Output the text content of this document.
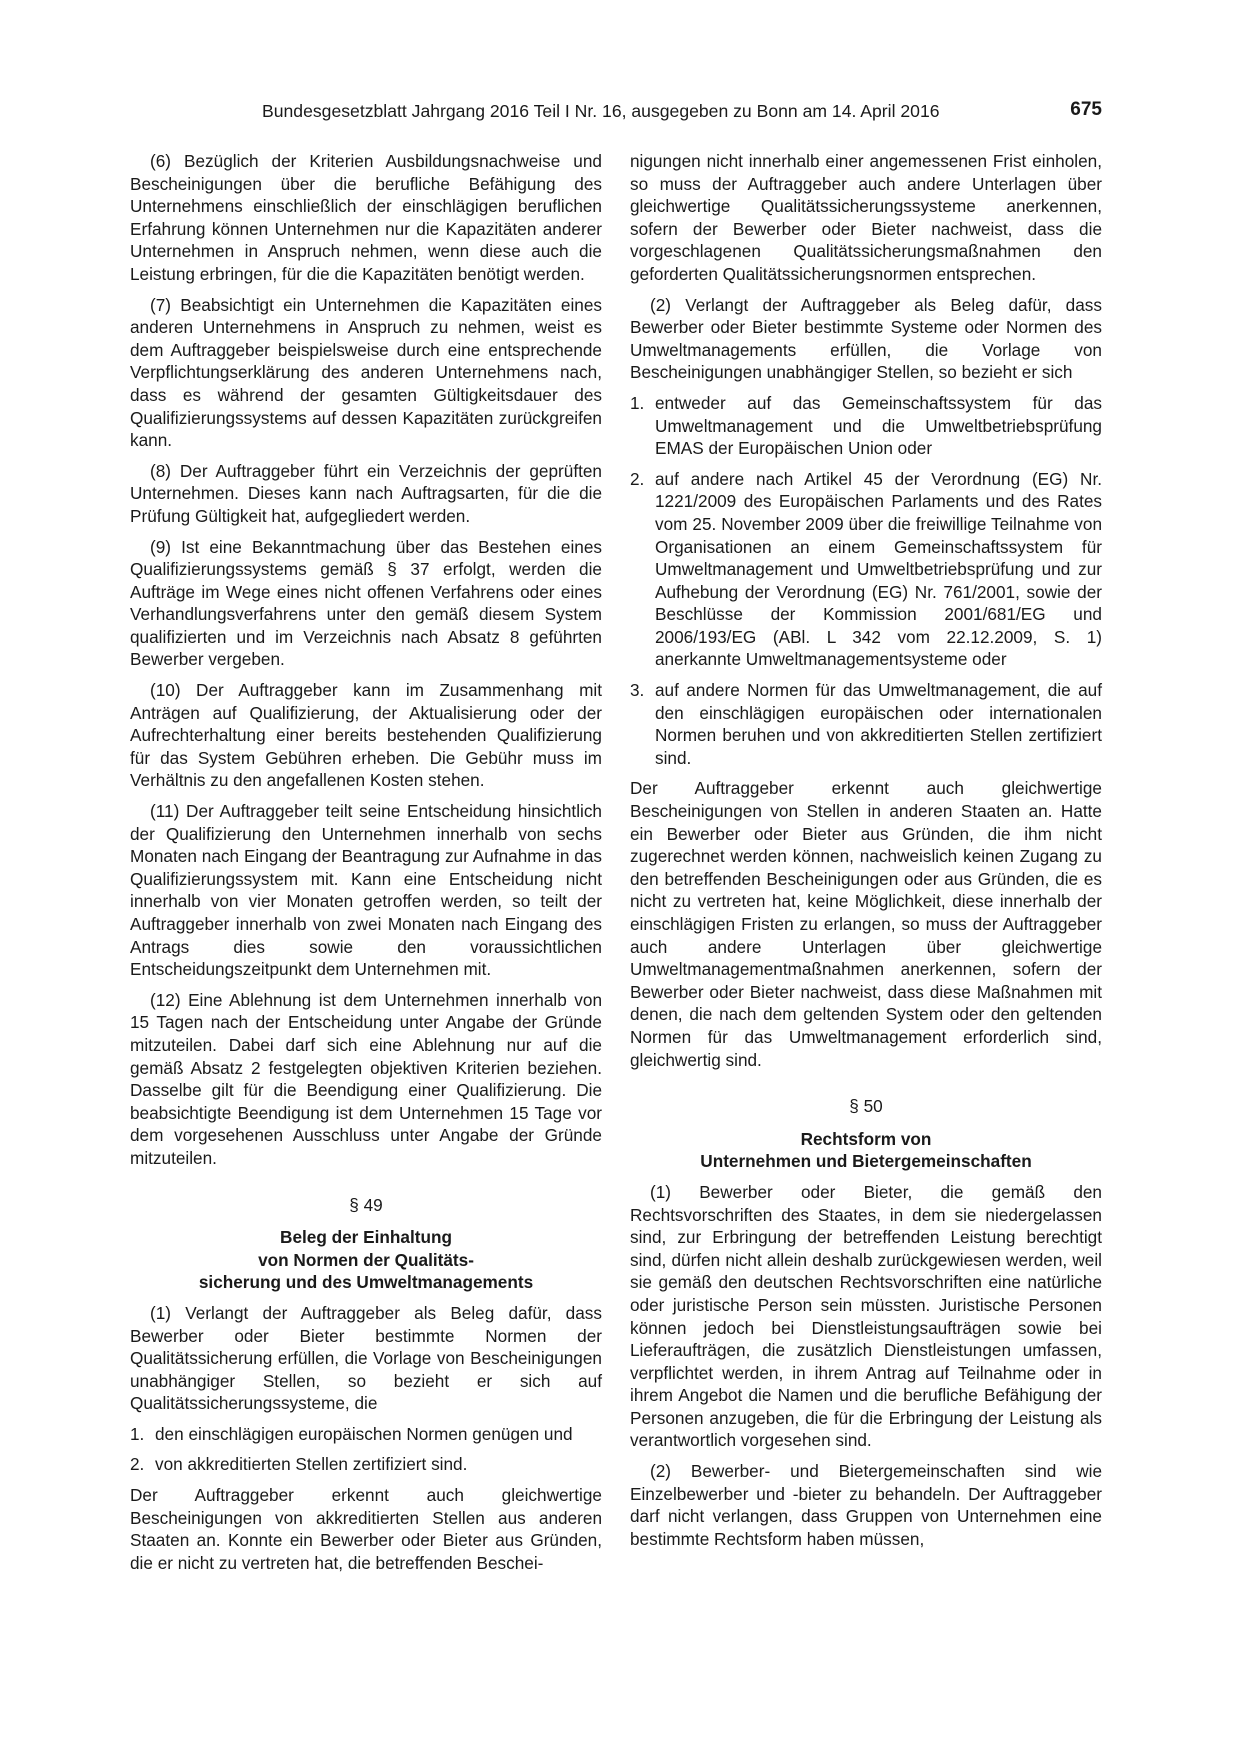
Bundesgesetzblatt Jahrgang 2016 Teil I Nr. 16, ausgegeben zu Bonn am 14. April 2016	675

(6) Bezüglich der Kriterien Ausbildungsnachweise und Bescheinigungen über die berufliche Befähigung des Unternehmens einschließlich der einschlägigen beruflichen Erfahrung können Unternehmen nur die Kapazitäten anderer Unternehmen in Anspruch nehmen, wenn diese auch die Leistung erbringen, für die die Kapazitäten benötigt werden.

(7) Beabsichtigt ein Unternehmen die Kapazitäten eines anderen Unternehmens in Anspruch zu nehmen, weist es dem Auftraggeber beispielsweise durch eine entsprechende Verpflichtungserklärung des anderen Unternehmens nach, dass es während der gesamten Gültigkeitsdauer des Qualifizierungssystems auf dessen Kapazitäten zurückgreifen kann.

(8) Der Auftraggeber führt ein Verzeichnis der geprüften Unternehmen. Dieses kann nach Auftragsarten, für die die Prüfung Gültigkeit hat, aufgegliedert werden.

(9) Ist eine Bekanntmachung über das Bestehen eines Qualifizierungssystems gemäß § 37 erfolgt, werden die Aufträge im Wege eines nicht offenen Verfahrens oder eines Verhandlungsverfahrens unter den gemäß diesem System qualifizierten und im Verzeichnis nach Absatz 8 geführten Bewerber vergeben.

(10) Der Auftraggeber kann im Zusammenhang mit Anträgen auf Qualifizierung, der Aktualisierung oder der Aufrechterhaltung einer bereits bestehenden Qualifizierung für das System Gebühren erheben. Die Gebühr muss im Verhältnis zu den angefallenen Kosten stehen.

(11) Der Auftraggeber teilt seine Entscheidung hinsichtlich der Qualifizierung den Unternehmen innerhalb von sechs Monaten nach Eingang der Beantragung zur Aufnahme in das Qualifizierungssystem mit. Kann eine Entscheidung nicht innerhalb von vier Monaten getroffen werden, so teilt der Auftraggeber innerhalb von zwei Monaten nach Eingang des Antrags dies sowie den voraussichtlichen Entscheidungszeitpunkt dem Unternehmen mit.

(12) Eine Ablehnung ist dem Unternehmen innerhalb von 15 Tagen nach der Entscheidung unter Angabe der Gründe mitzuteilen. Dabei darf sich eine Ablehnung nur auf die gemäß Absatz 2 festgelegten objektiven Kriterien beziehen. Dasselbe gilt für die Beendigung einer Qualifizierung. Die beabsichtigte Beendigung ist dem Unternehmen 15 Tage vor dem vorgesehenen Ausschluss unter Angabe der Gründe mitzuteilen.

§ 49
Beleg der Einhaltung
von Normen der Qualitäts-
sicherung und des Umweltmanagements

(1) Verlangt der Auftraggeber als Beleg dafür, dass Bewerber oder Bieter bestimmte Normen der Qualitätssicherung erfüllen, die Vorlage von Bescheinigungen unabhängiger Stellen, so bezieht er sich auf Qualitätssicherungssysteme, die

1. den einschlägigen europäischen Normen genügen und
2. von akkreditierten Stellen zertifiziert sind.

Der Auftraggeber erkennt auch gleichwertige Bescheinigungen von akkreditierten Stellen aus anderen Staaten an. Konnte ein Bewerber oder Bieter aus Gründen, die er nicht zu vertreten hat, die betreffenden Beschei-

nigungen nicht innerhalb einer angemessenen Frist einholen, so muss der Auftraggeber auch andere Unterlagen über gleichwertige Qualitätssicherungssysteme anerkennen, sofern der Bewerber oder Bieter nachweist, dass die vorgeschlagenen Qualitätssicherungsmaßnahmen den geforderten Qualitätssicherungsnormen entsprechen.

(2) Verlangt der Auftraggeber als Beleg dafür, dass Bewerber oder Bieter bestimmte Systeme oder Normen des Umweltmanagements erfüllen, die Vorlage von Bescheinigungen unabhängiger Stellen, so bezieht er sich

1. entweder auf das Gemeinschaftssystem für das Umweltmanagement und die Umweltbetriebsprüfung EMAS der Europäischen Union oder
2. auf andere nach Artikel 45 der Verordnung (EG) Nr. 1221/2009 des Europäischen Parlaments und des Rates vom 25. November 2009 über die freiwillige Teilnahme von Organisationen an einem Gemeinschaftssystem für Umweltmanagement und Umweltbetriebsprüfung und zur Aufhebung der Verordnung (EG) Nr. 761/2001, sowie der Beschlüsse der Kommission 2001/681/EG und 2006/193/EG (ABl. L 342 vom 22.12.2009, S. 1) anerkannte Umweltmanagementsysteme oder
3. auf andere Normen für das Umweltmanagement, die auf den einschlägigen europäischen oder internationalen Normen beruhen und von akkreditierten Stellen zertifiziert sind.

Der Auftraggeber erkennt auch gleichwertige Bescheinigungen von Stellen in anderen Staaten an. Hatte ein Bewerber oder Bieter aus Gründen, die ihm nicht zugerechnet werden können, nachweislich keinen Zugang zu den betreffenden Bescheinigungen oder aus Gründen, die es nicht zu vertreten hat, keine Möglichkeit, diese innerhalb der einschlägigen Fristen zu erlangen, so muss der Auftraggeber auch andere Unterlagen über gleichwertige Umweltmanagementmaßnahmen anerkennen, sofern der Bewerber oder Bieter nachweist, dass diese Maßnahmen mit denen, die nach dem geltenden System oder den geltenden Normen für das Umweltmanagement erforderlich sind, gleichwertig sind.

§ 50
Rechtsform von
Unternehmen und Bietergemeinschaften

(1) Bewerber oder Bieter, die gemäß den Rechtsvorschriften des Staates, in dem sie niedergelassen sind, zur Erbringung der betreffenden Leistung berechtigt sind, dürfen nicht allein deshalb zurückgewiesen werden, weil sie gemäß den deutschen Rechtsvorschriften eine natürliche oder juristische Person sein müssten. Juristische Personen können jedoch bei Dienstleistungsaufträgen sowie bei Lieferaufträgen, die zusätzlich Dienstleistungen umfassen, verpflichtet werden, in ihrem Antrag auf Teilnahme oder in ihrem Angebot die Namen und die berufliche Befähigung der Personen anzugeben, die für die Erbringung der Leistung als verantwortlich vorgesehen sind.

(2) Bewerber- und Bietergemeinschaften sind wie Einzelbewerber und -bieter zu behandeln. Der Auftraggeber darf nicht verlangen, dass Gruppen von Unternehmen eine bestimmte Rechtsform haben müssen,
